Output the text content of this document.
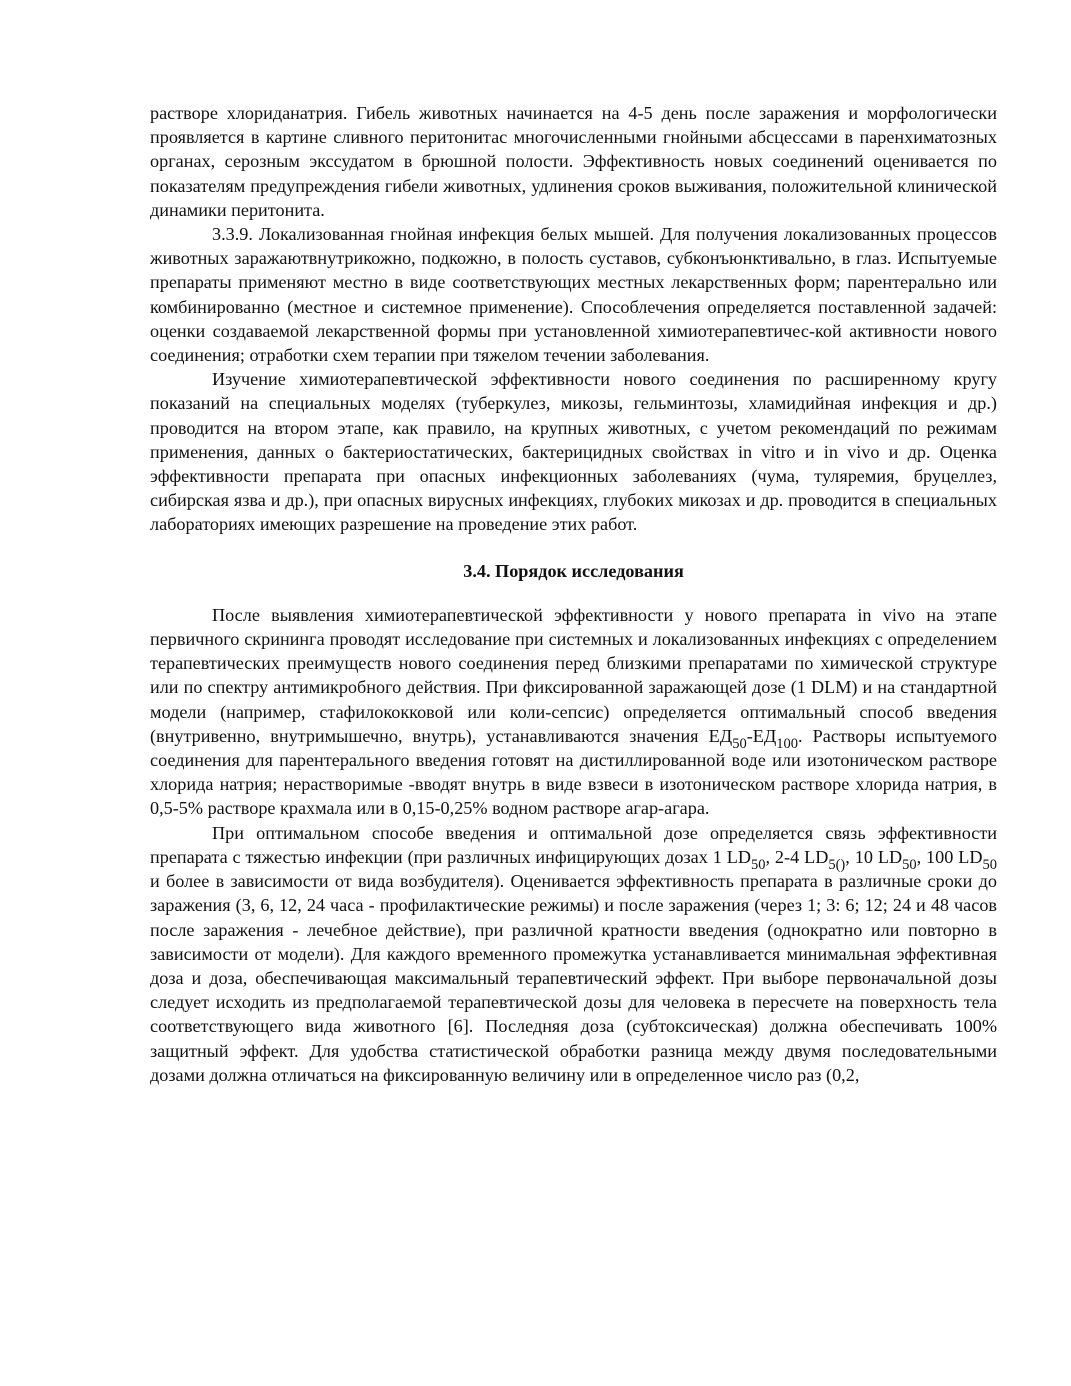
растворе хлориданатрия. Гибель животных начинается на 4-5 день после заражения и морфологически проявляется в картине сливного перитонитас многочисленными гнойными абсцессами в паренхиматозных органах, серозным экссудатом в брюшной полости. Эффективность новых соединений оценивается по показателям предупреждения гибели животных, удлинения сроков выживания, положительной клинической динамики перитонита.

3.3.9. Локализованная гнойная инфекция белых мышей. Для получения локализованных процессов животных заражаютвнутрикожно, подкожно, в полость суставов, субконъюнктивально, в глаз. Испытуемые препараты применяют местно в виде соответствующих местных лекарственных форм; парентерально или комбинированно (местное и системное применение). Способлечения определяется поставленной задачей: оценки создаваемой лекарственной формы при установленной химиотерапевтичес-кой активности нового соединения; отработки схем терапии при тяжелом течении заболевания.

Изучение химиотерапевтической эффективности нового соединения по расширенному кругу показаний на специальных моделях (туберкулез, микозы, гельминтозы, хламидийная инфекция и др.) проводится на втором этапе, как правило, на крупных животных, с учетом рекомендаций по режимам применения, данных о бактериостатических, бактерицидных свойствах in vitro и in vivo и др. Оценка эффективности препарата при опасных инфекционных заболеваниях (чума, туляремия, бруцеллез, сибирская язва и др.), при опасных вирусных инфекциях, глубоких микозах и др. проводится в специальных лабораториях имеющих разрешение на проведение этих работ.

3.4. Порядок исследования

После выявления химиотерапевтической эффективности у нового препарата in vivo на этапе первичного скрининга проводят исследование при системных и локализованных инфекциях с определением терапевтических преимуществ нового соединения перед близкими препаратами по химической структуре или по спектру антимикробного действия. При фиксированной заражающей дозе (1 DLM) и на стандартной модели (например, стафилококковой или коли-сепсис) определяется оптимальный способ введения (внутривенно, внутримышечно, внутрь), устанавливаются значения $ЕД_{50}-ЕД_{100}$. Растворы испытуемого соединения для парентерального введения готовят на дистиллированной воде или изотоническом растворе хлорида натрия; нерастворимые -вводят внутрь в виде взвеси в изотоническом растворе хлорида натрия, в 0,5-5% растворе крахмала или в 0,15-0,25% водном растворе агар-агара.

При оптимальном способе введения и оптимальной дозе определяется связь эффективности препарата с тяжестью инфекции (при различных инфицирующих дозах 1 $LD_{50}$, 2-4 $LD_{5()}$, 10 $LD_{50}$, 100 $LD_{50}$ и более в зависимости от вида возбудителя). Оценивается эффективность препарата в различные сроки до заражения (3, 6, 12, 24 часа - профилактические режимы) и после заражения (через 1; 3: 6; 12; 24 и 48 часов после заражения - лечебное действие), при различной кратности введения (однократно или повторно в зависимости от модели). Для каждого временного промежутка устанавливается минимальная эффективная доза и доза, обеспечивающая максимальный терапевтический эффект. При выборе первоначальной дозы следует исходить из предполагаемой терапевтической дозы для человека в пересчете на поверхность тела соответствующего вида животного [6]. Последняя доза (субтоксическая) должна обеспечивать 100% защитный эффект. Для удобства статистической обработки разница между двумя последовательными дозами должна отличаться на фиксированную величину или в определенное число раз (0,2,
